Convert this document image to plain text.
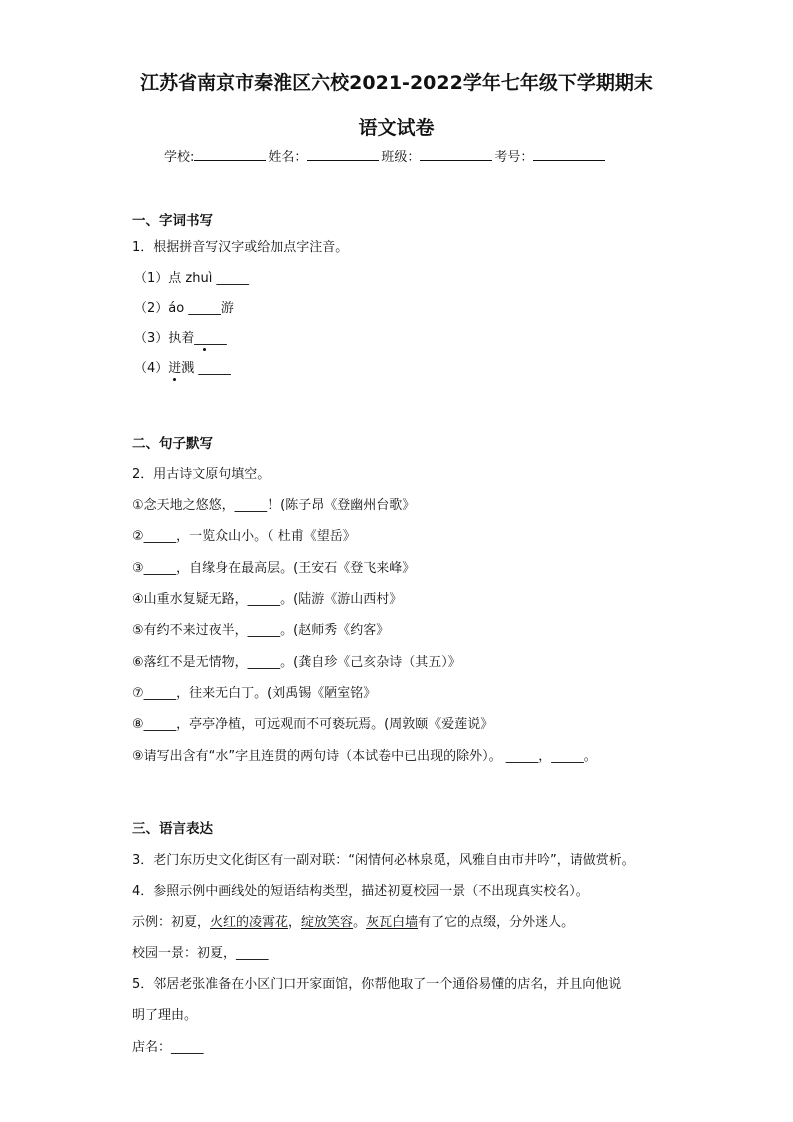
江苏省南京市秦淮区六校2021-2022学年七年级下学期期末
语文试卷
学校:	姓名：	班级：	考号：
一、字词书写
1．根据拼音写汉字或给加点字注音。
（1）点 zhuì _____
（2）áo _____游
（3）执着_____
（4）迸溅 _____
二、句子默写
2．用古诗文原句填空。
①念天地之悠悠，_____！(陈子昂《登幽州台歌》
②_____，一览众山小。（ 杜甫《望岳》
③_____，自缘身在最高层。(王安石《登飞来峰》
④山重水复疑无路，_____。(陆游《游山西村》
⑤有约不来过夜半，_____。(赵师秀《约客》
⑥落红不是无情物，_____。(龚自珍《己亥杂诗（其五）》
⑦_____，往来无白丁。(刘禹锡《陋室铭》
⑧_____，亭亭净植，可远观而不可亵玩焉。(周敦颐《爱莲说》
⑨请写出含有“水”字且连贯的两句诗（本试卷中已出现的除外）。 _____，_____。
三、语言表达
3．老门东历史文化街区有一副对联：“闲情何必林泉觅，风雅自由市井吟”，请做赏析。
4．参照示例中画线处的短语结构类型，描述初夏校园一景（不出现真实校名）。
示例：初夏，火红的凌霄花，绽放笑容。灰瓦白墙有了它的点缀，分外迷人。
校园一景：初夏，_____
5．邻居老张准备在小区门口开家面馆，你帮他取了一个通俗易懂的店名，并且向他说
明了理由。
店名：_____
